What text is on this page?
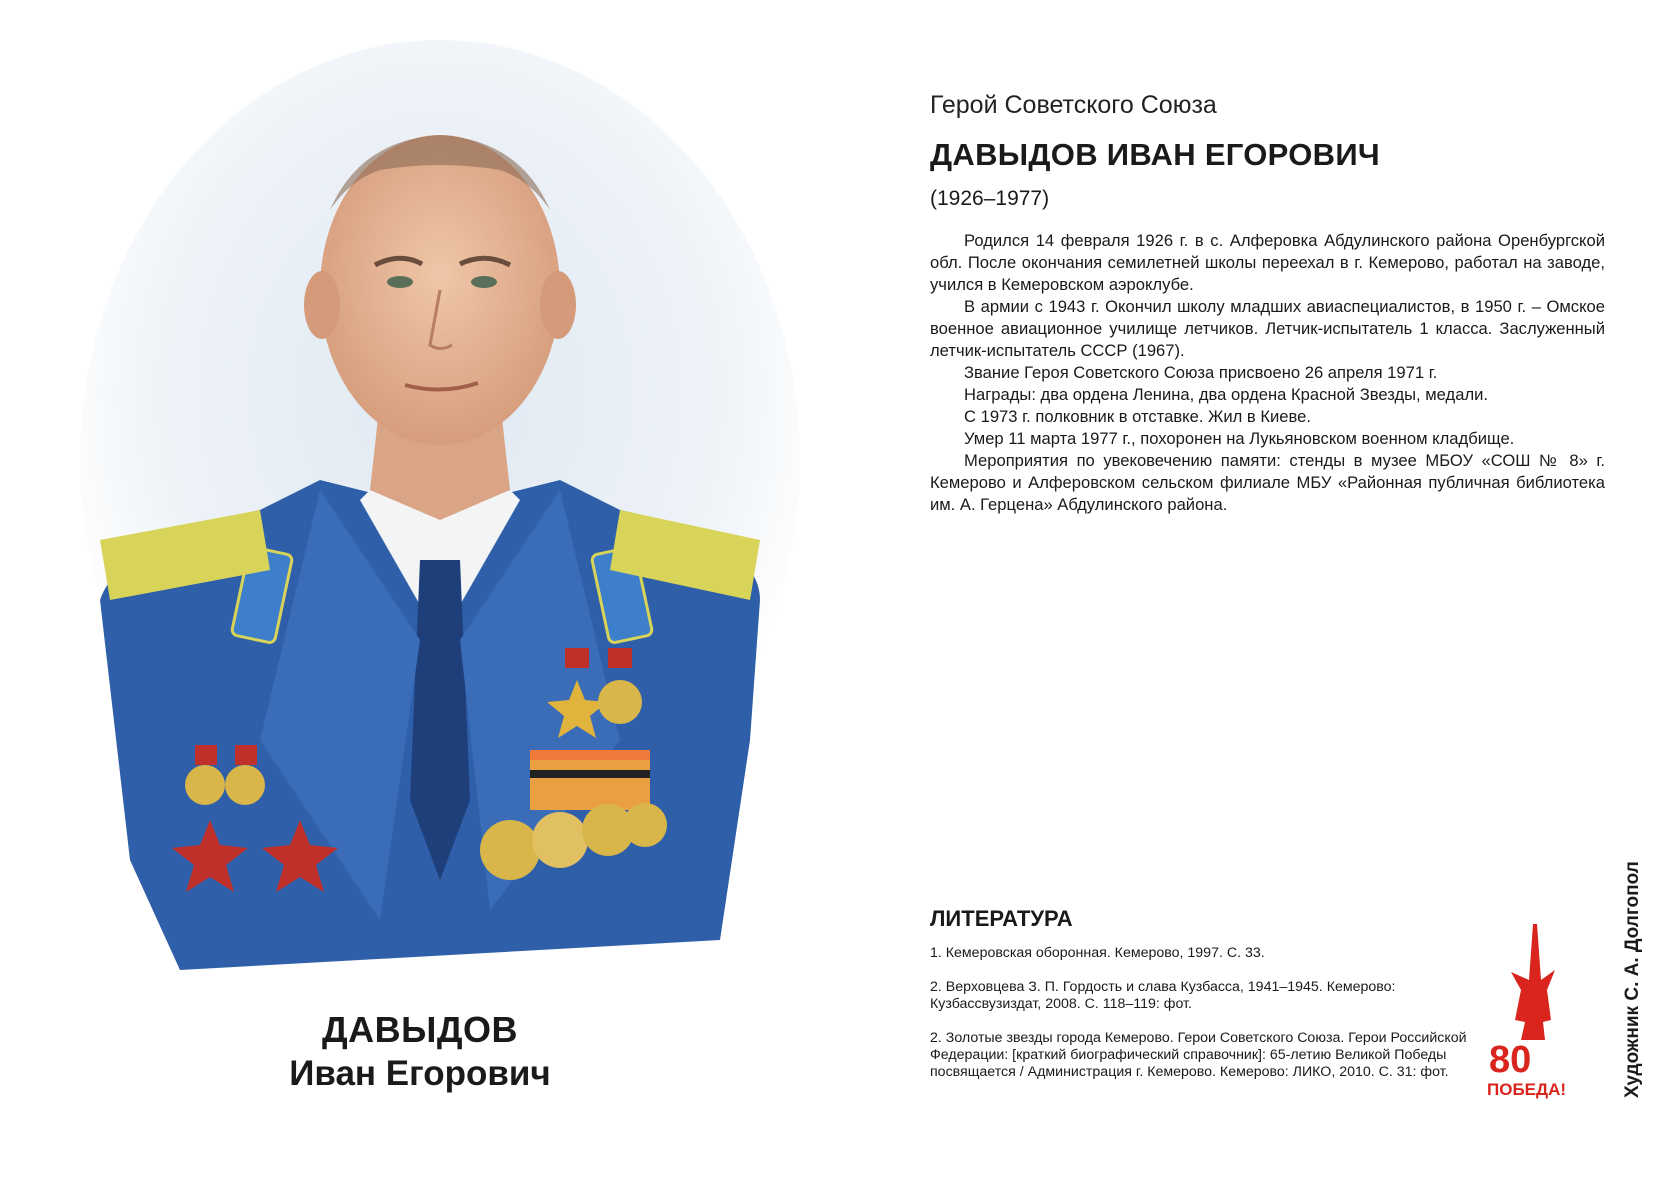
ДАВЫДОВ
Иван Егорович
Герой Советского Союза
ДАВЫДОВ ИВАН ЕГОРОВИЧ
(1926–1977)

Родился 14 февраля 1926 г. в с. Алферовка Абдулинского района Оренбургской обл. После окончания семилетней школы переехал в г. Кемерово, работал на заводе, учился в Кемеровском аэроклубе.

В армии с 1943 г. Окончил школу младших авиаспециалистов, в 1950 г. – Омское военное авиационное училище летчиков. Летчик-испытатель 1 класса. Заслуженный летчик-испытатель СССР (1967).

Звание Героя Советского Союза присвоено 26 апреля 1971 г.

Награды: два ордена Ленина, два ордена Красной Звезды, медали.

С 1973 г. полковник в отставке. Жил в Киеве.

Умер 11 марта 1977 г., похоронен на Лукьяновском военном кладбище.

Мероприятия по увековечению памяти: стенды в музее МБОУ «СОШ № 8» г. Кемерово и Алферовском сельском филиале МБУ «Районная публичная библиотека им. А. Герцена» Абдулинского района.

ЛИТЕРАТУРА
1. Кемеровская оборонная. Кемерово, 1997. С. 33.
2. Верховцева З. П. Гордость и слава Кузбасса, 1941–1945. Кемерово: Кузбассвузиздат, 2008. С. 118–119: фот.
2. Золотые звезды города Кемерово. Герои Советского Союза. Герои Российской Федерации: [краткий биографический справочник]: 65-летию Великой Победы посвящается / Администрация г. Кемерово. Кемерово: ЛИКО, 2010. С. 31: фот.	80
ПОБЕДА!	Художник С. А. Долгопол
